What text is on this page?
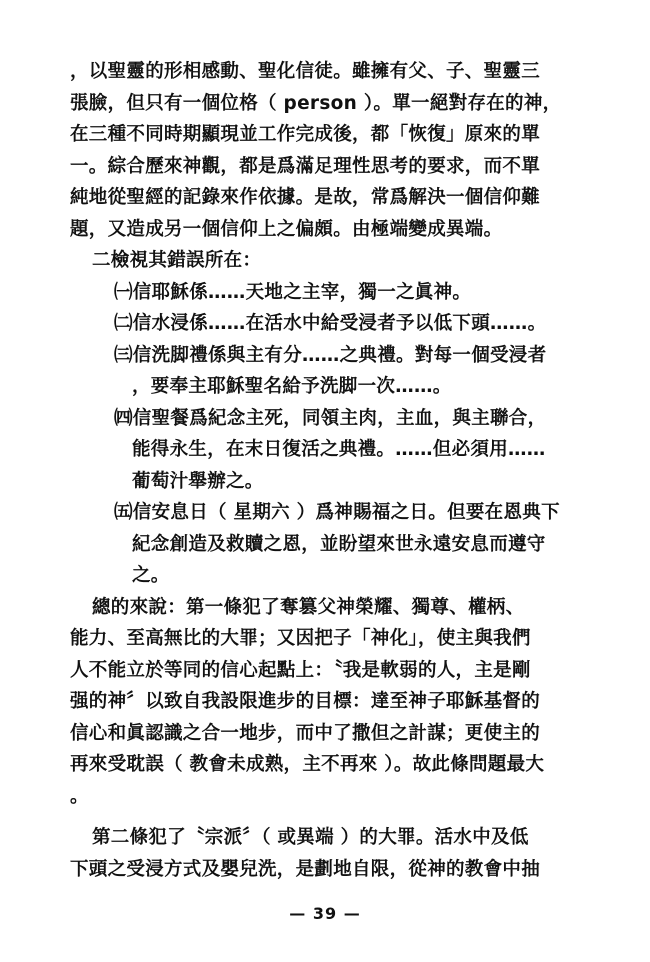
，以聖靈的形相感動、聖化信徒。雖擁有父、子、聖靈三
張臉，但只有一個位格（ person ）。單一絕對存在的神，
在三種不同時期顯現並工作完成後，都「恢復」原來的單
一。綜合歷來神觀，都是爲滿足理性思考的要求，而不單
純地從聖經的記錄來作依據。是故，常爲解決一個信仰難
題，又造成另一個信仰上之偏頗。由極端變成異端。
二檢視其錯誤所在：
㈠信耶穌係……天地之主宰，獨一之眞神。
㈡信水浸係……在活水中給受浸者予以低下頭……。
㈢信洗脚禮係與主有分……之典禮。對每一個受浸者
，要奉主耶穌聖名給予洗脚一次……。
㈣信聖餐爲紀念主死，同領主肉，主血，與主聯合，
能得永生，在末日復活之典禮。……但必須用……
葡萄汁舉辦之。
㈤信安息日（ 星期六 ）爲神賜福之日。但要在恩典下
紀念創造及救贖之恩，並盼望來世永遠安息而遵守
之。
總的來說：第一條犯了奪篡父神榮耀、獨尊、權柄、
能力、至高無比的大罪；又因把子「神化」，使主與我們
人不能立於等同的信心起點上：〝我是軟弱的人，主是剛
强的神〞以致自我設限進步的目標：達至神子耶穌基督的
信心和眞認識之合一地步，而中了撒但之計謀；更使主的
再來受耽誤（ 教會未成熟，主不再來 ）。故此條問題最大
。
第二條犯了〝宗派〞（ 或異端 ）的大罪。活水中及低
下頭之受浸方式及嬰兒洗，是劃地自限，從神的教會中抽
— 39 —
